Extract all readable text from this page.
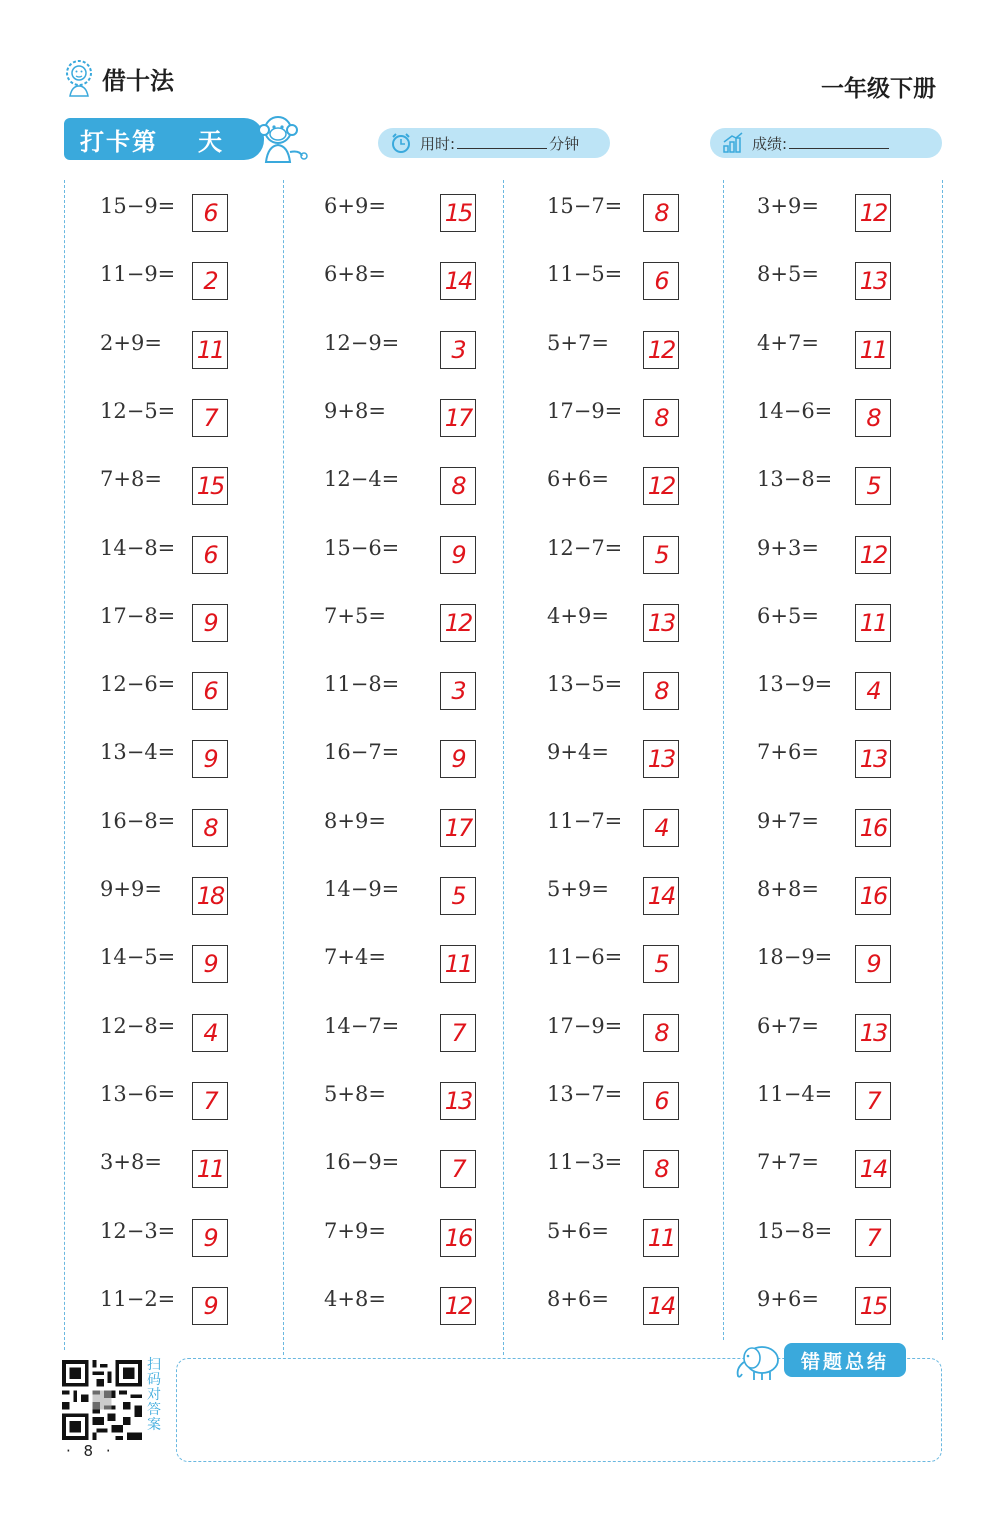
借十法	一年级下册
打卡第 天	用时:	分钟	成绩:
15−9= 6
11−9= 2
2+9= 11
12−5= 7
7+8= 15
14−8= 6
17−8= 9
12−6= 6
13−4= 9
16−8= 8
9+9= 18
14−5= 9
12−8= 4
13−6= 7
3+8= 11
12−3= 9
11−2= 9
6+9= 15
6+8= 14
12−9= 3
9+8= 17
12−4= 8
15−6= 9
7+5= 12
11−8= 3
16−7= 9
8+9= 17
14−9= 5
7+4= 11
14−7= 7
5+8= 13
16−9= 7
7+9= 16
4+8= 12
15−7= 8
11−5= 6
5+7= 12
17−9= 8
6+6= 12
12−7= 5
4+9= 13
13−5= 8
9+4= 13
11−7= 4
5+9= 14
11−6= 5
17−9= 8
13−7= 6
11−3= 8
5+6= 11
8+6= 14
3+9= 12
8+5= 13
4+7= 11
14−6= 8
13−8= 5
9+3= 12
6+5= 11
13−9= 4
7+6= 13
9+7= 16
8+8= 16
18−9= 9
6+7= 13
11−4= 7
7+7= 14
15−8= 7
9+6= 15
扫码对答案
· 8 ·
错题总结
